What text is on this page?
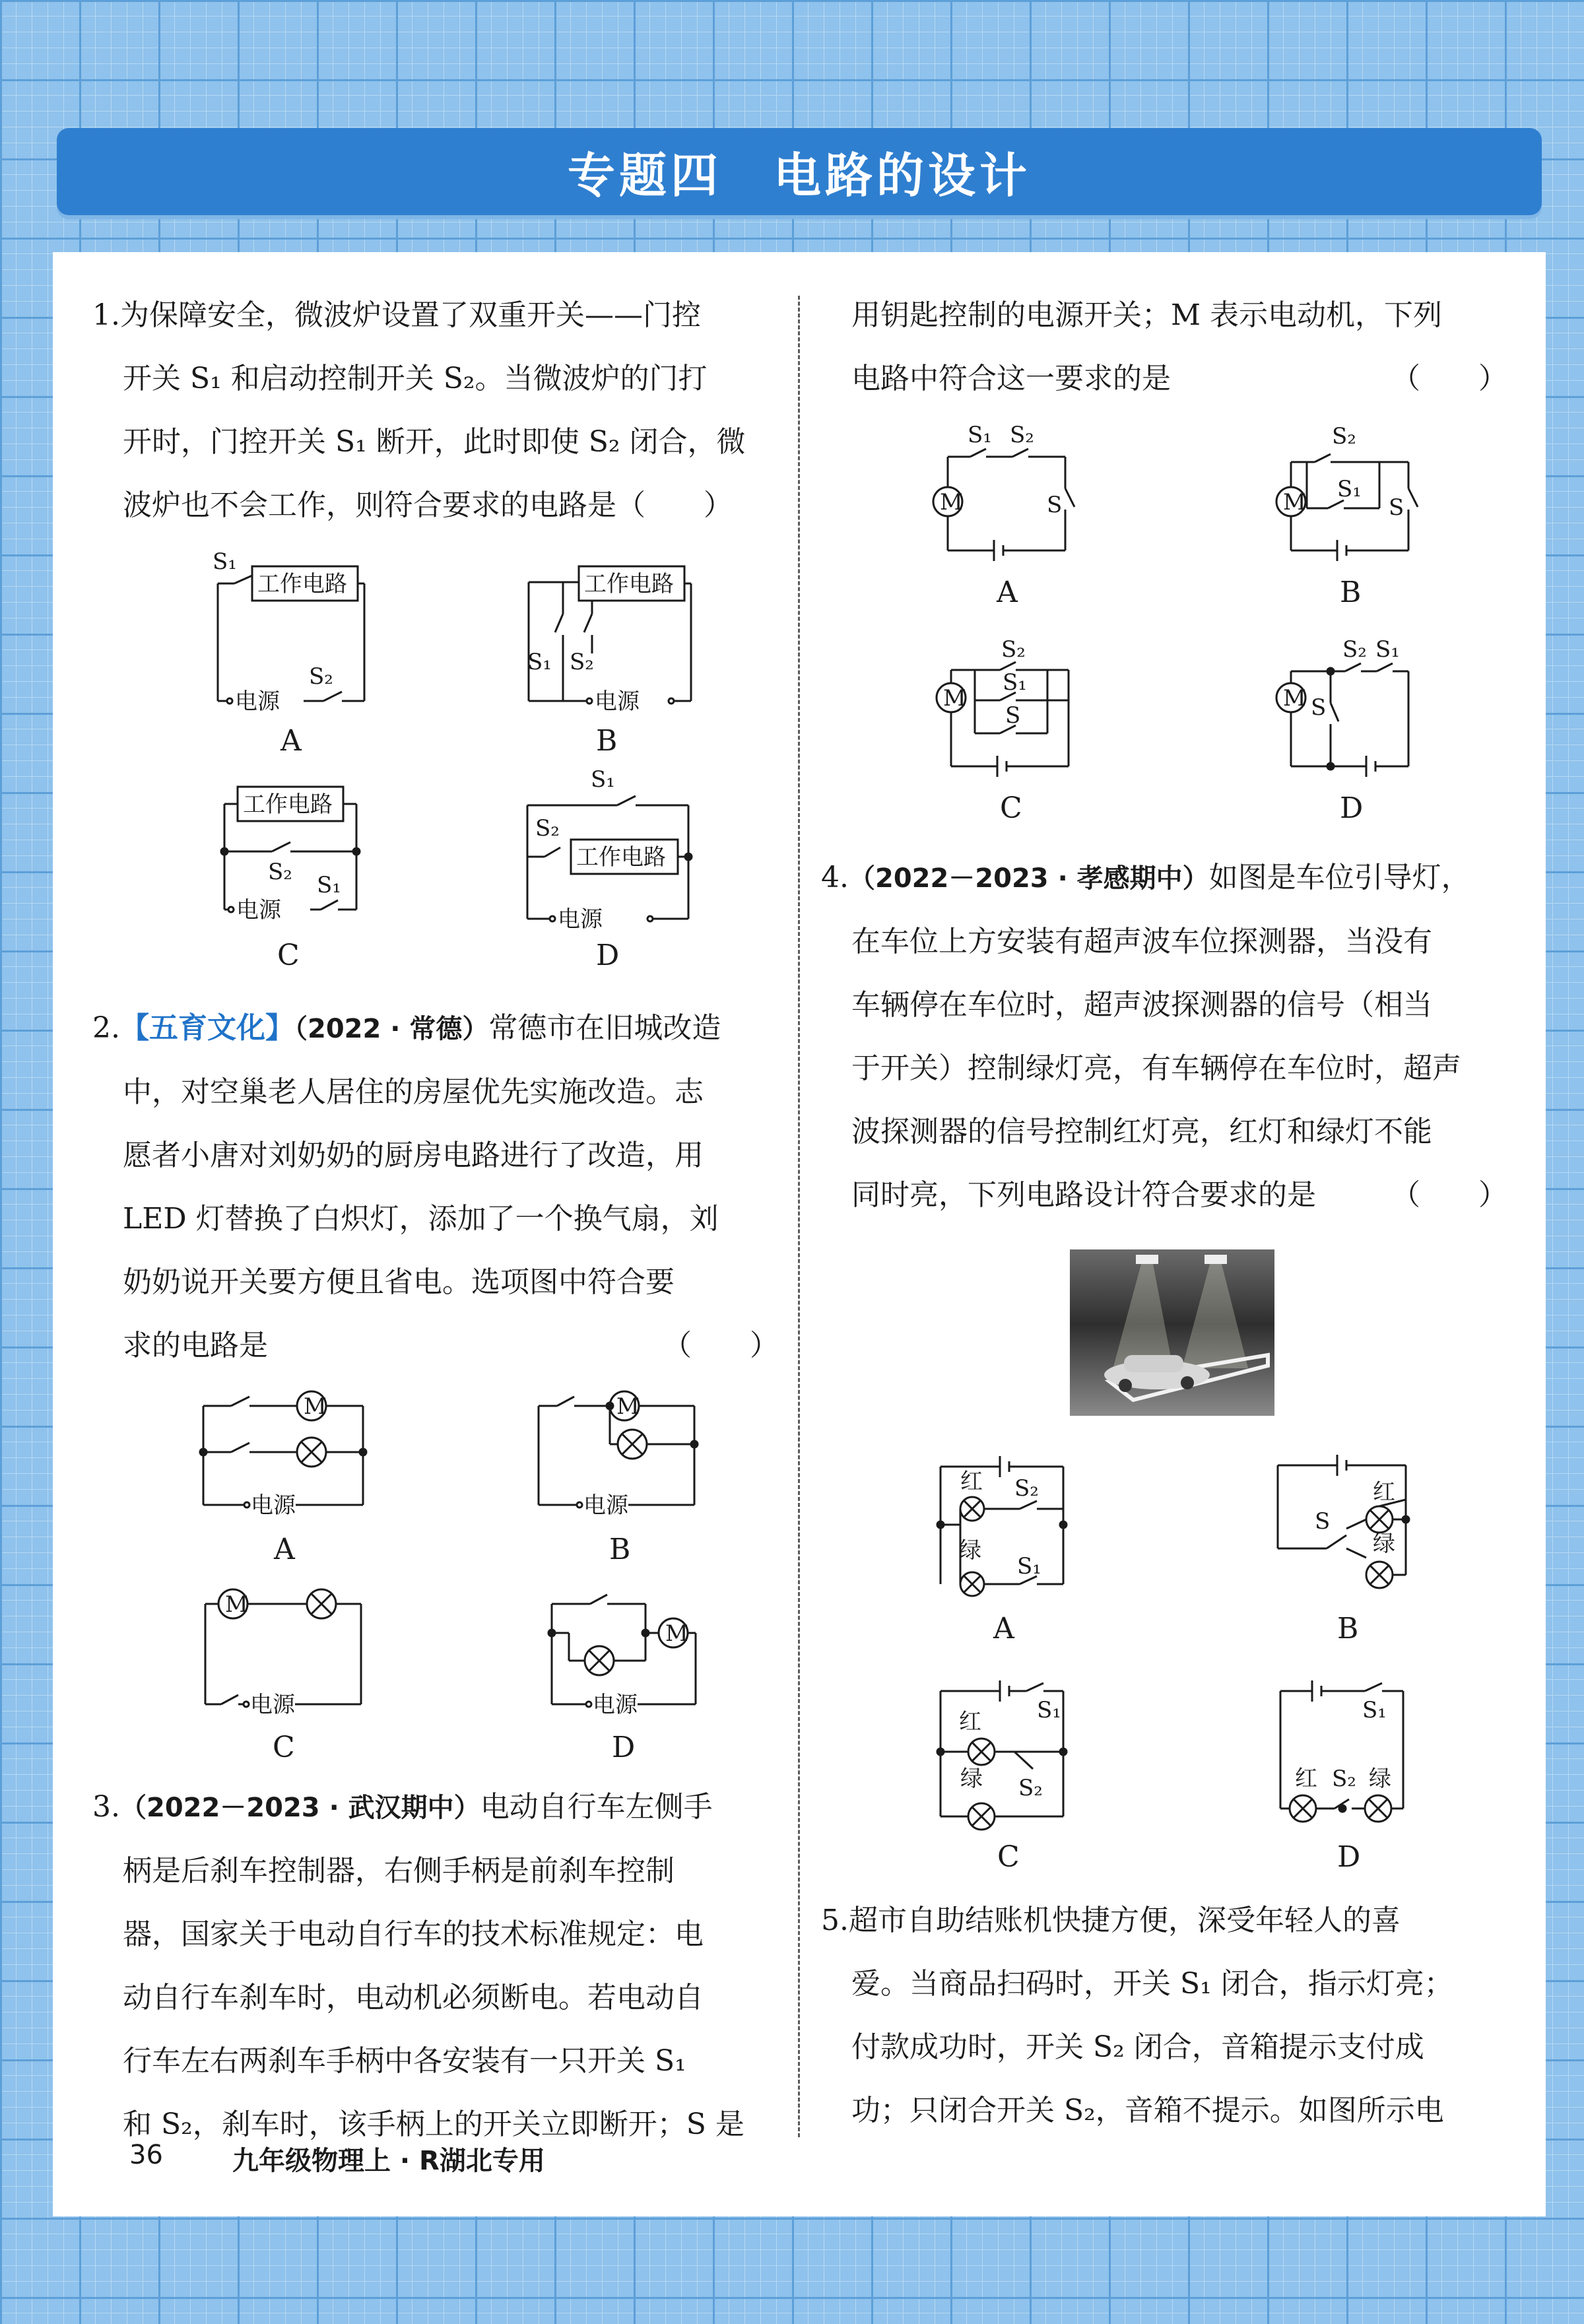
专题四　电路的设计

1.为保障安全，微波炉设置了双重开关——门控

开关 S₁ 和启动控制开关 S₂。当微波炉的门打

开时，门控开关 S₁ 断开，此时即使 S₂ 闭合，微

波炉也不会工作，则符合要求的电路是（　　）

S₁
工作电路
电源
S₂
A
S₁ S₂
工作电路
电源
B
工作电路
S₂
电源
S₁
C
S₁
S₂
工作电路
电源
D

2.【五育文化】（2022 · 常德）常德市在旧城改造

中，对空巢老人居住的房屋优先实施改造。志

愿者小唐对刘奶奶的厨房电路进行了改造，用

LED 灯替换了白炽灯，添加了一个换气扇，刘

奶奶说开关要方便且省电。选项图中符合要

求的电路是	（　　）

M
电源
A
M
电源
B
M
电源
C
M
电源
D

3.（2022－2023 · 武汉期中）电动自行车左侧手

柄是后刹车控制器，右侧手柄是前刹车控制

器，国家关于电动自行车的技术标准规定：电

动自行车刹车时，电动机必须断电。若电动自

行车左右两刹车手柄中各安装有一只开关 S₁

和 S₂，刹车时，该手柄上的开关立即断开；S 是

用钥匙控制的电源开关；M 表示电动机，下列

电路中符合这一要求的是	（　　）

S₁ S₂
M	S
A
S₂
S₁
M	S
B
S₂
S₁
S
M
C
S₂ S₁
M S
D

4.（2022－2023 · 孝感期中）如图是车位引导灯，

在车位上方安装有超声波车位探测器，当没有

车辆停在车位时，超声波探测器的信号（相当

于开关）控制绿灯亮，有车辆停在车位时，超声

波探测器的信号控制红灯亮，红灯和绿灯不能

同时亮，下列电路设计符合要求的是	（　　）

红 S₂
绿
S₁
A
红
S
绿
B
S₁
红
S₂
绿
C
S₁
红 S₂ 绿
D

5.超市自助结账机快捷方便，深受年轻人的喜

爱。当商品扫码时，开关 S₁ 闭合，指示灯亮；

付款成功时，开关 S₂ 闭合，音箱提示支付成

功；只闭合开关 S₂，音箱不提示。如图所示电

36	九年级物理上 · R湖北专用
